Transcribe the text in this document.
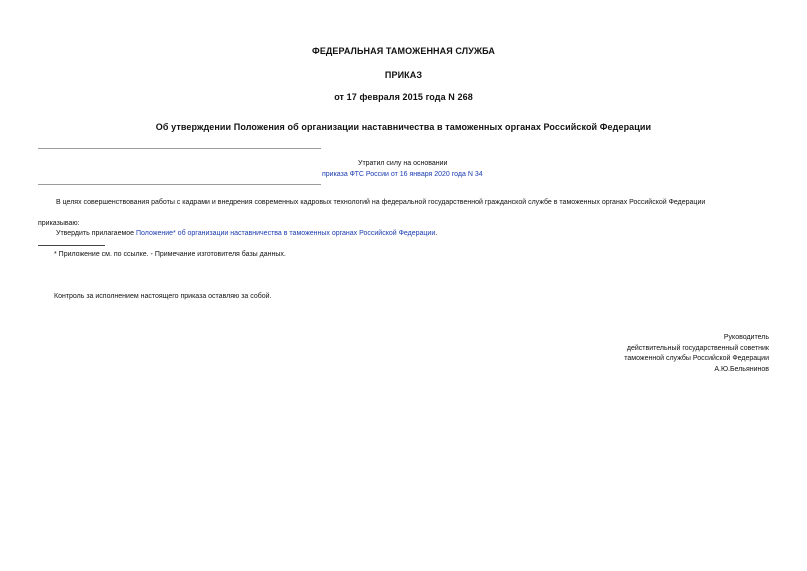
ФЕДЕРАЛЬНАЯ ТАМОЖЕННАЯ СЛУЖБА
ПРИКАЗ
от 17 февраля 2015 года N 268
Об утверждении Положения об организации наставничества в таможенных органах Российской Федерации
Утратил силу на основании
приказа ФТС России от 16 января 2020 года N 34
В целях совершенствования работы с кадрами и внедрения современных кадровых технологий на федеральной государственной гражданской службе в таможенных органах Российской Федерации
приказываю:
Утвердить прилагаемое Положение* об организации наставничества в таможенных органах Российской Федерации.
* Приложение см. по ссылке. - Примечание изготовителя базы данных.
Контроль за исполнением настоящего приказа оставляю за собой.
Руководитель
действительный государственный советник
таможенной службы Российской Федерации
А.Ю.Бельянинов
